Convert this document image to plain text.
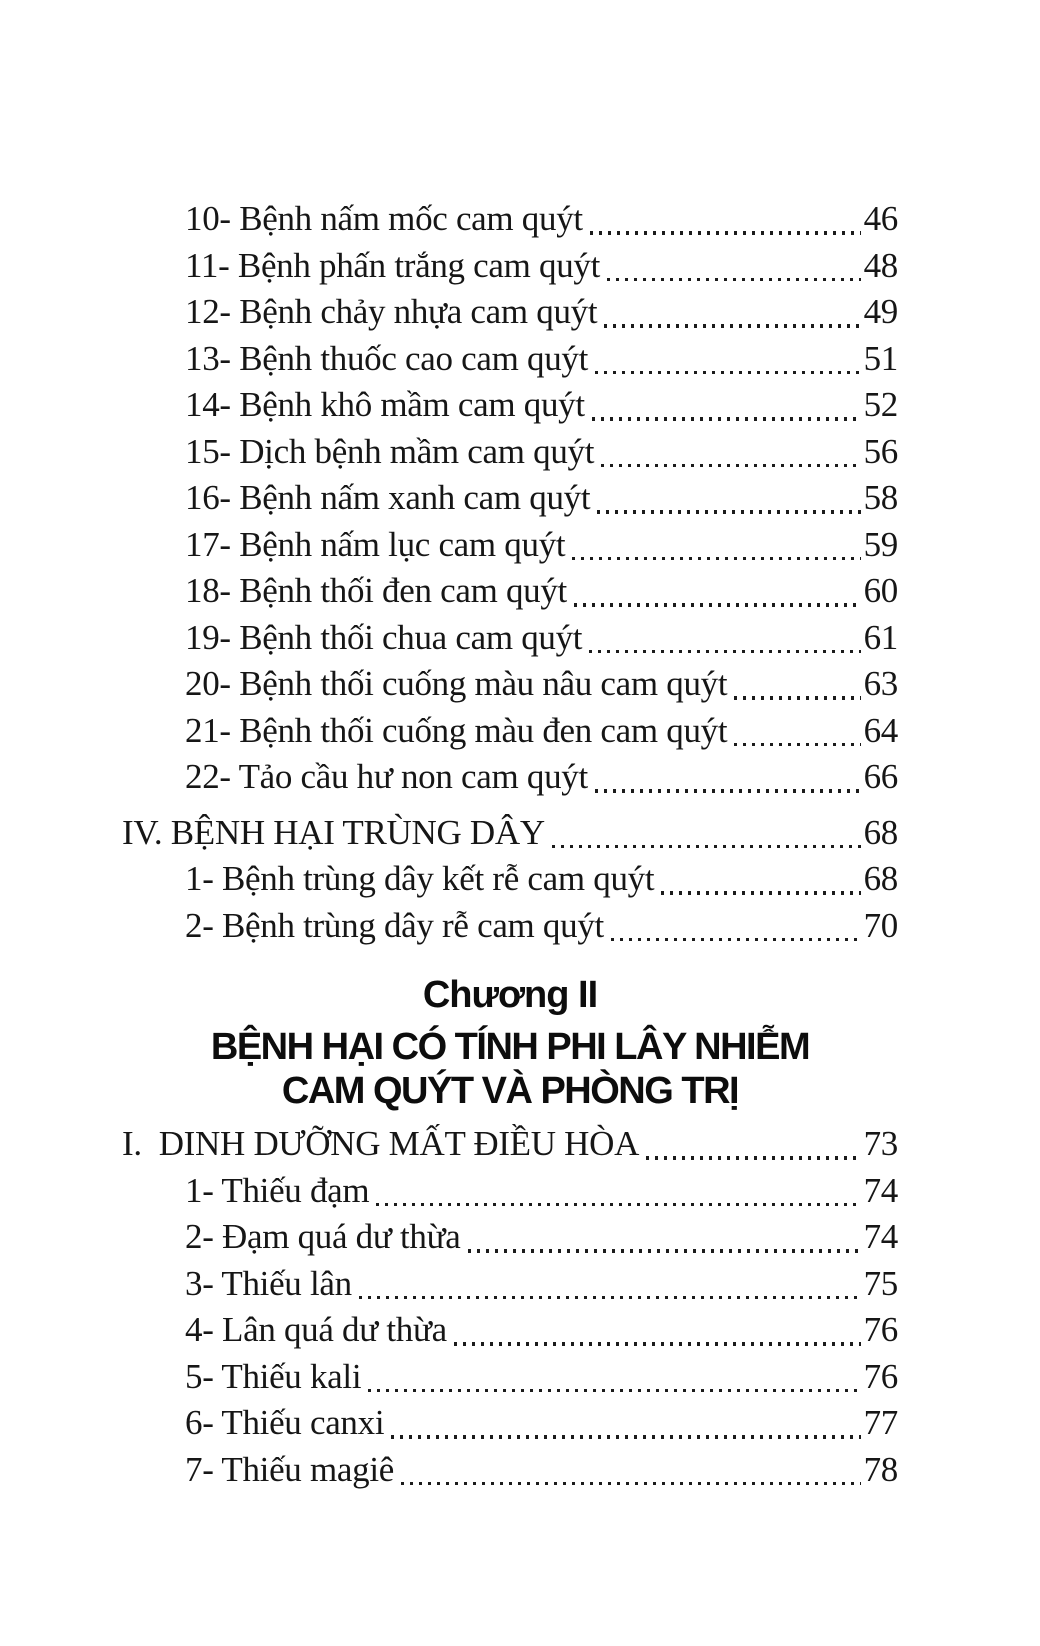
10- Bệnh nấm mốc cam quýt	46
11- Bệnh phấn trắng cam quýt	48
12- Bệnh chảy nhựa cam quýt	49
13- Bệnh thuốc cao cam quýt	51
14- Bệnh khô mầm cam quýt	52
15- Dịch bệnh mầm cam quýt	56
16- Bệnh nấm xanh cam quýt	58
17- Bệnh nấm lục cam quýt	59
18- Bệnh thối đen cam quýt	60
19- Bệnh thối chua cam quýt	61
20- Bệnh thối cuống màu nâu cam quýt	63
21- Bệnh thối cuống màu đen cam quýt	64
22- Tảo cầu hư non cam quýt	66
IV. BỆNH HẠI TRÙNG DÂY	68
1- Bệnh trùng dây kết rễ cam quýt	68
2- Bệnh trùng dây rễ cam quýt	70
Chương II
BỆNH HẠI CÓ TÍNH PHI LÂY NHIỄM
CAM QUÝT VÀ PHÒNG TRỊ
I.  DINH DƯỠNG MẤT ĐIỀU HÒA	73
1- Thiếu đạm	74
2- Đạm quá dư thừa	74
3- Thiếu lân	75
4- Lân quá dư thừa	76
5- Thiếu kali	76
6- Thiếu canxi	77
7- Thiếu magiê	78
